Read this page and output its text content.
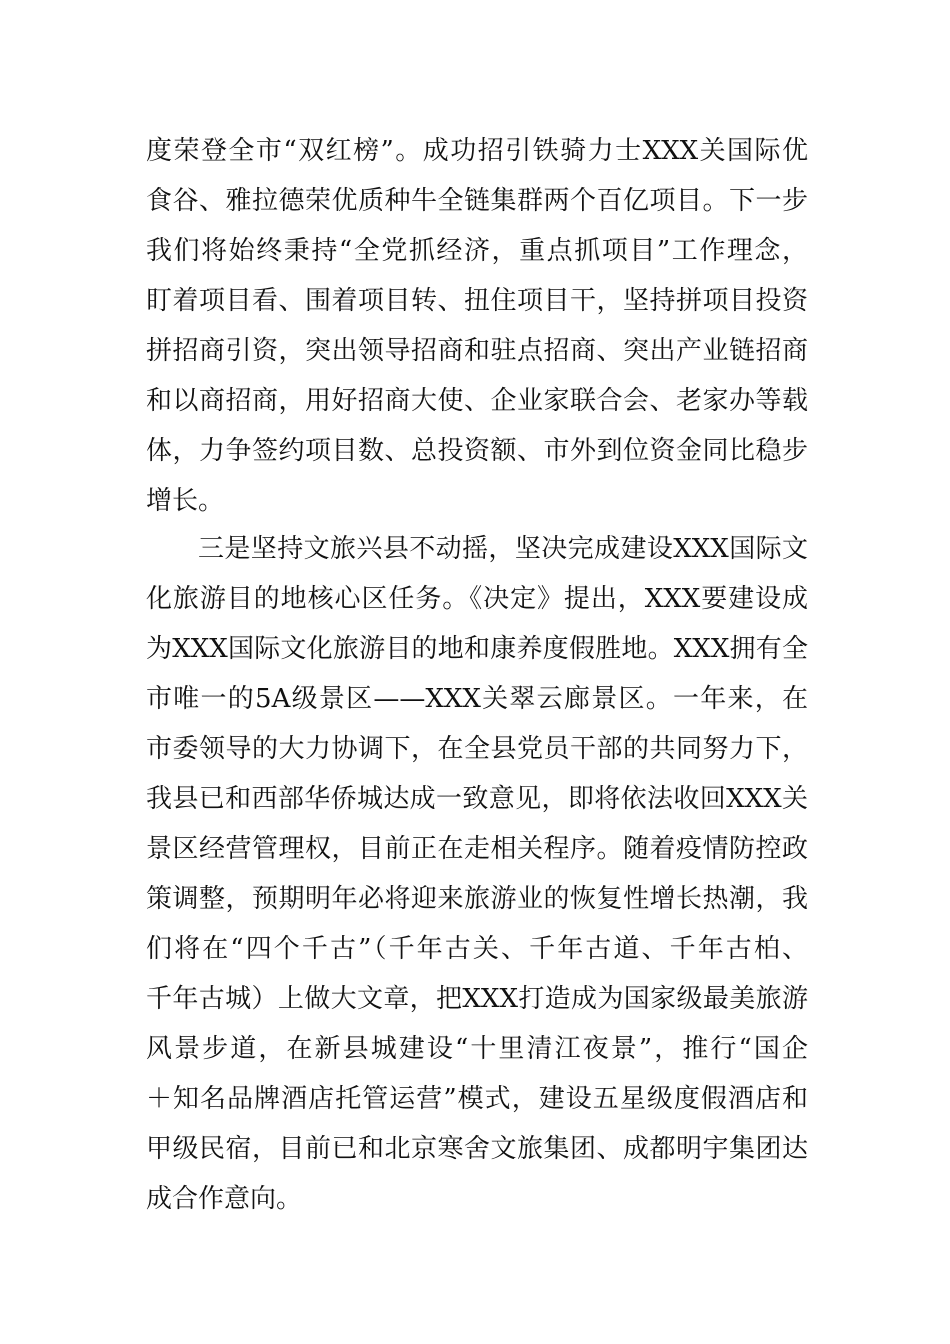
度荣登全市“双红榜”。成功招引铁骑力士XXX关国际优
食谷、雅拉德荣优质种牛全链集群两个百亿项目。下一步
我们将始终秉持“全党抓经济，重点抓项目”工作理念，
盯着项目看、围着项目转、扭住项目干，坚持拼项目投资
拼招商引资，突出领导招商和驻点招商、突出产业链招商
和以商招商，用好招商大使、企业家联合会、老家办等载
体，力争签约项目数、总投资额、市外到位资金同比稳步
增长。
三是坚持文旅兴县不动摇，坚决完成建设XXX国际文
化旅游目的地核心区任务。《决定》提出，XXX要建设成
为XXX国际文化旅游目的地和康养度假胜地。XXX拥有全
市唯一的5A级景区——XXX关翠云廊景区。一年来，在
市委领导的大力协调下，在全县党员干部的共同努力下，
我县已和西部华侨城达成一致意见，即将依法收回XXX关
景区经营管理权，目前正在走相关程序。随着疫情防控政
策调整，预期明年必将迎来旅游业的恢复性增长热潮，我
们将在“四个千古”（千年古关、千年古道、千年古柏、
千年古城）上做大文章，把XXX打造成为国家级最美旅游
风景步道，在新县城建设“十里清江夜景”，推行“国企
＋知名品牌酒店托管运营”模式，建设五星级度假酒店和
甲级民宿，目前已和北京寒舍文旅集团、成都明宇集团达
成合作意向。
